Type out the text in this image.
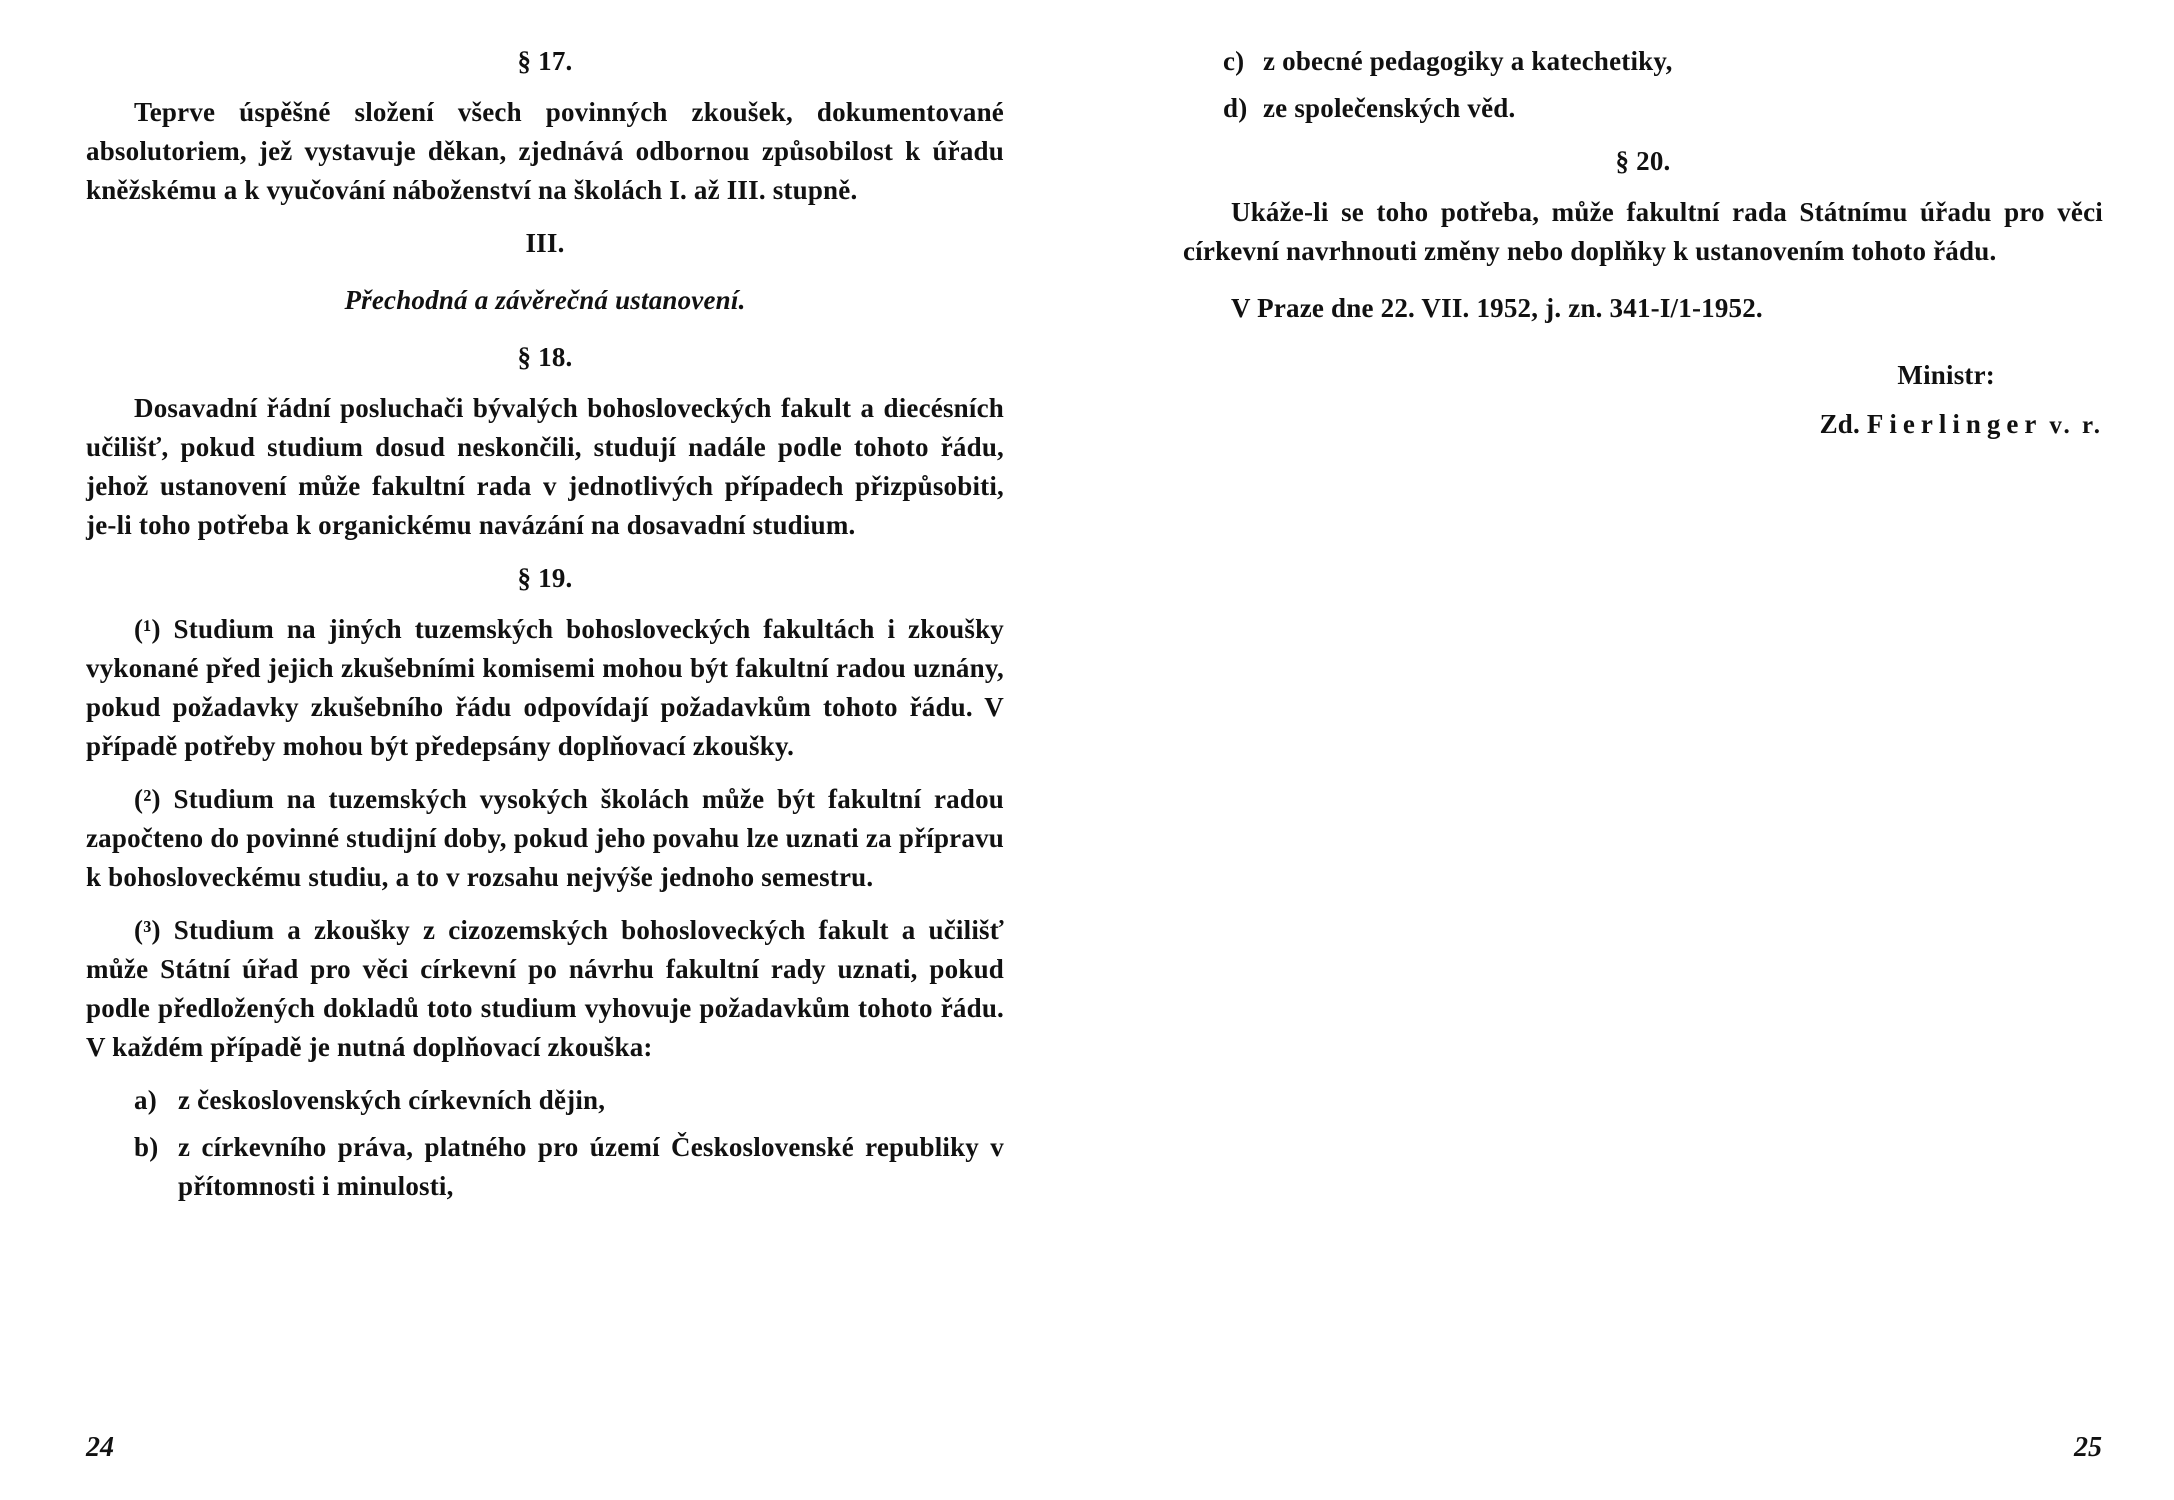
§ 17.

Teprve úspěšné složení všech povinných zkoušek, dokumentované absolutoriem, jež vystavuje děkan, zjednává odbornou způsobilost k úřadu kněžskému a k vyučování náboženství na školách I. až III. stupně.

III.
Přechodná a závěrečná ustanovení.
§ 18.

Dosavadní řádní posluchači bývalých bohosloveckých fakult a diecésních učilišť, pokud studium dosud neskončili, studují nadále podle tohoto řádu, jehož ustanovení může fakultní rada v jednotlivých případech přizpůsobiti, je-li toho potřeba k organickému navázání na dosavadní studium.

§ 19.

(¹) Studium na jiných tuzemských bohosloveckých fakultách i zkoušky vykonané před jejich zkušebními komisemi mohou být fakultní radou uznány, pokud požadavky zkušebního řádu odpovídají požadavkům tohoto řádu. V případě potřeby mohou být předepsány doplňovací zkoušky.

(²) Studium na tuzemských vysokých školách může být fakultní radou započteno do povinné studijní doby, pokud jeho povahu lze uznati za přípravu k bohosloveckému studiu, a to v rozsahu nejvýše jednoho semestru.

(³) Studium a zkoušky z cizozemských bohosloveckých fakult a učilišť může Státní úřad pro věci církevní po návrhu fakultní rady uznati, pokud podle předložených dokladů toto studium vyhovuje požadavkům tohoto řádu. V každém případě je nutná doplňovací zkouška:

a) z československých církevních dějin,
b) z církevního práva, platného pro území Československé republiky v přítomnosti i minulosti,
24
c) z obecné pedagogiky a katechetiky,
d) ze společenských věd.
§ 20.

Ukáže-li se toho potřeba, může fakultní rada Státnímu úřadu pro věci církevní navrhnouti změny nebo doplňky k ustanovením tohoto řádu.

V Praze dne 22. VII. 1952, j. zn. 341-I/1-1952.

Ministr:
Zd. Fierlinger v. r.
25
